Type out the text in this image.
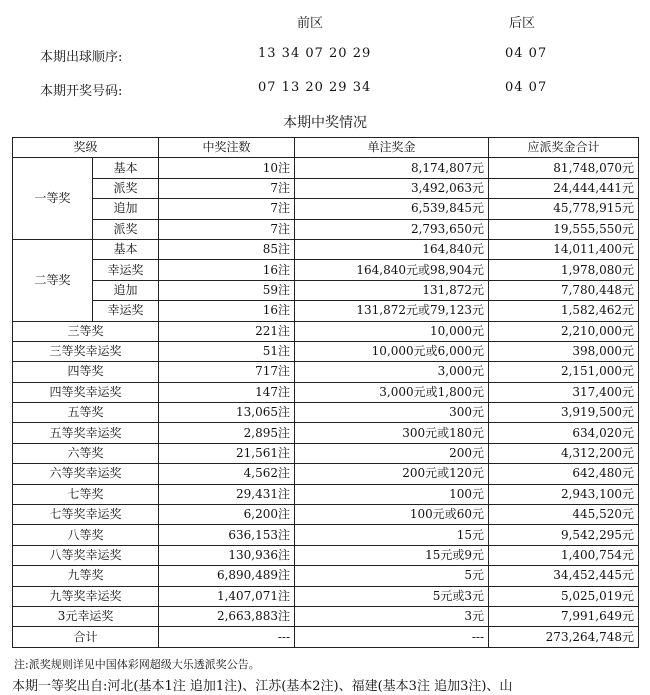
前区	后区
本期出球顺序:	13 34 07 20 29	04 07
本期开奖号码:	07 13 20 29 34	04 07
本期中奖情况
奖级		中奖注数	单注奖金	应派奖金合计
一等奖	基本	10注	8,174,807元	81,748,070元
	派奖	7注	3,492,063元	24,444,441元
	追加	7注	6,539,845元	45,778,915元
	派奖	7注	2,793,650元	19,555,550元
二等奖	基本	85注	164,840元	14,011,400元
	幸运奖	16注	164,840元或98,904元	1,978,080元
	追加	59注	131,872元	7,780,448元
	幸运奖	16注	131,872元或79,123元	1,582,462元
三等奖		221注	10,000元	2,210,000元
三等奖幸运奖		51注	10,000元或6,000元	398,000元
四等奖		717注	3,000元	2,151,000元
四等奖幸运奖		147注	3,000元或1,800元	317,400元
五等奖		13,065注	300元	3,919,500元
五等奖幸运奖		2,895注	300元或180元	634,020元
六等奖		21,561注	200元	4,312,200元
六等奖幸运奖		4,562注	200元或120元	642,480元
七等奖		29,431注	100元	2,943,100元
七等奖幸运奖		6,200注	100元或60元	445,520元
八等奖		636,153注	15元	9,542,295元
八等奖幸运奖		130,936注	15元或9元	1,400,754元
九等奖		6,890,489注	5元	34,452,445元
九等奖幸运奖		1,407,071注	5元或3元	5,025,019元
3元幸运奖		2,663,883注	3元	7,991,649元
合计		---	---	273,264,748元
注:派奖规则详见中国体彩网超级大乐透派奖公告。
本期一等奖出自:河北(基本1注 追加1注)、江苏(基本2注)、福建(基本3注 追加3注)、山
